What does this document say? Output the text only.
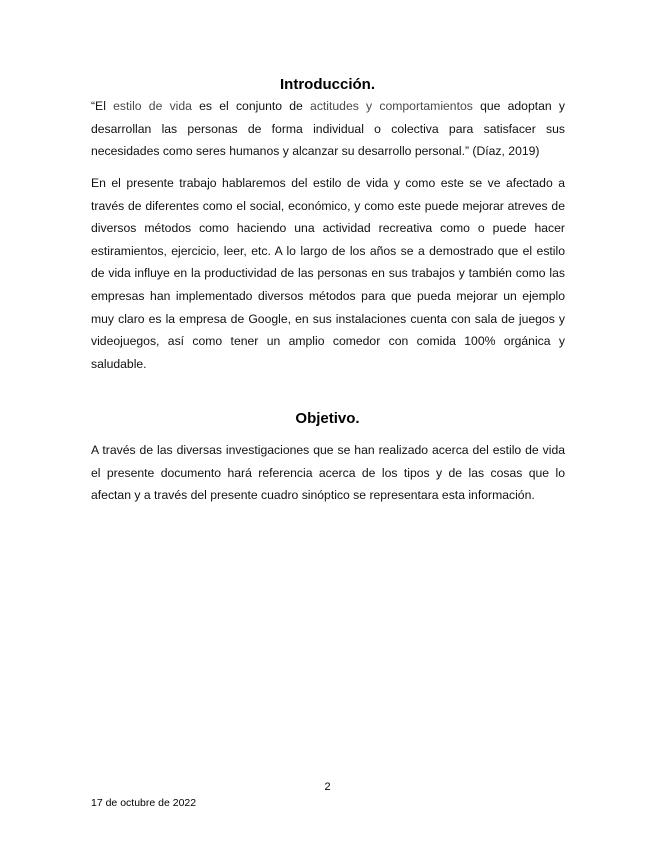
Introducción.

“El estilo de vida es el conjunto de actitudes y comportamientos que adoptan y desarrollan las personas de forma individual o colectiva para satisfacer sus necesidades como seres humanos y alcanzar su desarrollo personal.” (Díaz, 2019)

En el presente trabajo hablaremos del estilo de vida y como este se ve afectado a través de diferentes como el social, económico, y como este puede mejorar atreves de diversos métodos como haciendo una actividad recreativa como o puede hacer estiramientos, ejercicio, leer, etc. A lo largo de los años se a demostrado que el estilo de vida influye en la productividad de las personas en sus trabajos y también como las empresas han implementado diversos métodos para que pueda mejorar un ejemplo muy claro es la empresa de Google, en sus instalaciones cuenta con sala de juegos y videojuegos, así como tener un amplio comedor con comida 100% orgánica y saludable.

Objetivo.

A través de las diversas investigaciones que se han realizado acerca del estilo de vida el presente documento hará referencia acerca de los tipos y de las cosas que lo afectan y a través del presente cuadro sinóptico se representara esta información.

2
17 de octubre de 2022
